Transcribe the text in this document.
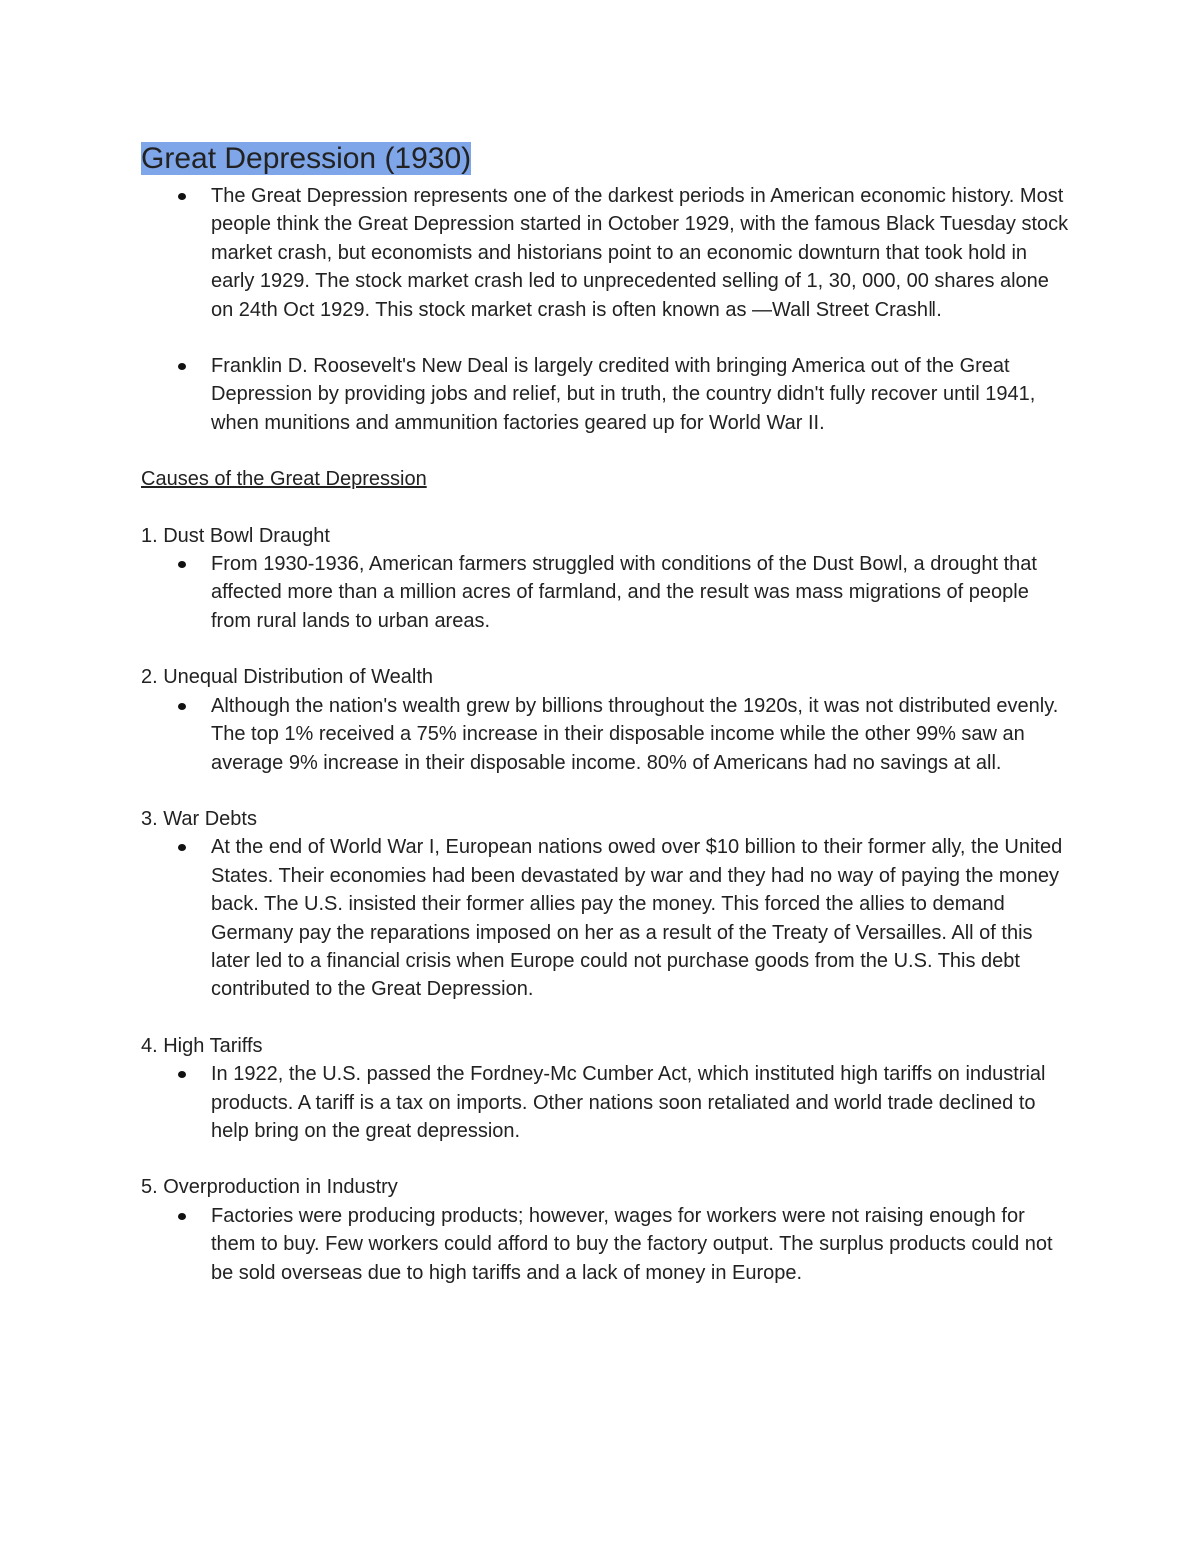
Great Depression (1930)
The Great Depression represents one of the darkest periods in American economic history. Most people think the Great Depression started in October 1929, with the famous Black Tuesday stock market crash, but economists and historians point to an economic downturn that took hold in early 1929. The stock market crash led to unprecedented selling of 1, 30, 000, 00 shares alone on 24th Oct 1929. This stock market crash is often known as ―Wall Street Crash‖.
Franklin D. Roosevelt's New Deal is largely credited with bringing America out of the Great Depression by providing jobs and relief, but in truth, the country didn't fully recover until 1941, when munitions and ammunition factories geared up for World War II.

Causes of the Great Depression

1. Dust Bowl Draught

From 1930-1936, American farmers struggled with conditions of the Dust Bowl, a drought that affected more than a million acres of farmland, and the result was mass migrations of people from rural lands to urban areas.

2. Unequal Distribution of Wealth

Although the nation's wealth grew by billions throughout the 1920s, it was not distributed evenly. The top 1% received a 75% increase in their disposable income while the other 99% saw an average 9% increase in their disposable income. 80% of Americans had no savings at all.

3. War Debts

At the end of World War I, European nations owed over $10 billion to their former ally, the United States. Their economies had been devastated by war and they had no way of paying the money back. The U.S. insisted their former allies pay the money. This forced the allies to demand Germany pay the reparations imposed on her as a result of the Treaty of Versailles. All of this later led to a financial crisis when Europe could not purchase goods from the U.S. This debt contributed to the Great Depression.

4. High Tariffs

In 1922, the U.S. passed the Fordney-Mc Cumber Act, which instituted high tariffs on industrial products. A tariff is a tax on imports. Other nations soon retaliated and world trade declined to help bring on the great depression.

5. Overproduction in Industry

Factories were producing products; however, wages for workers were not raising enough for them to buy. Few workers could afford to buy the factory output. The surplus products could not be sold overseas due to high tariffs and a lack of money in Europe.
